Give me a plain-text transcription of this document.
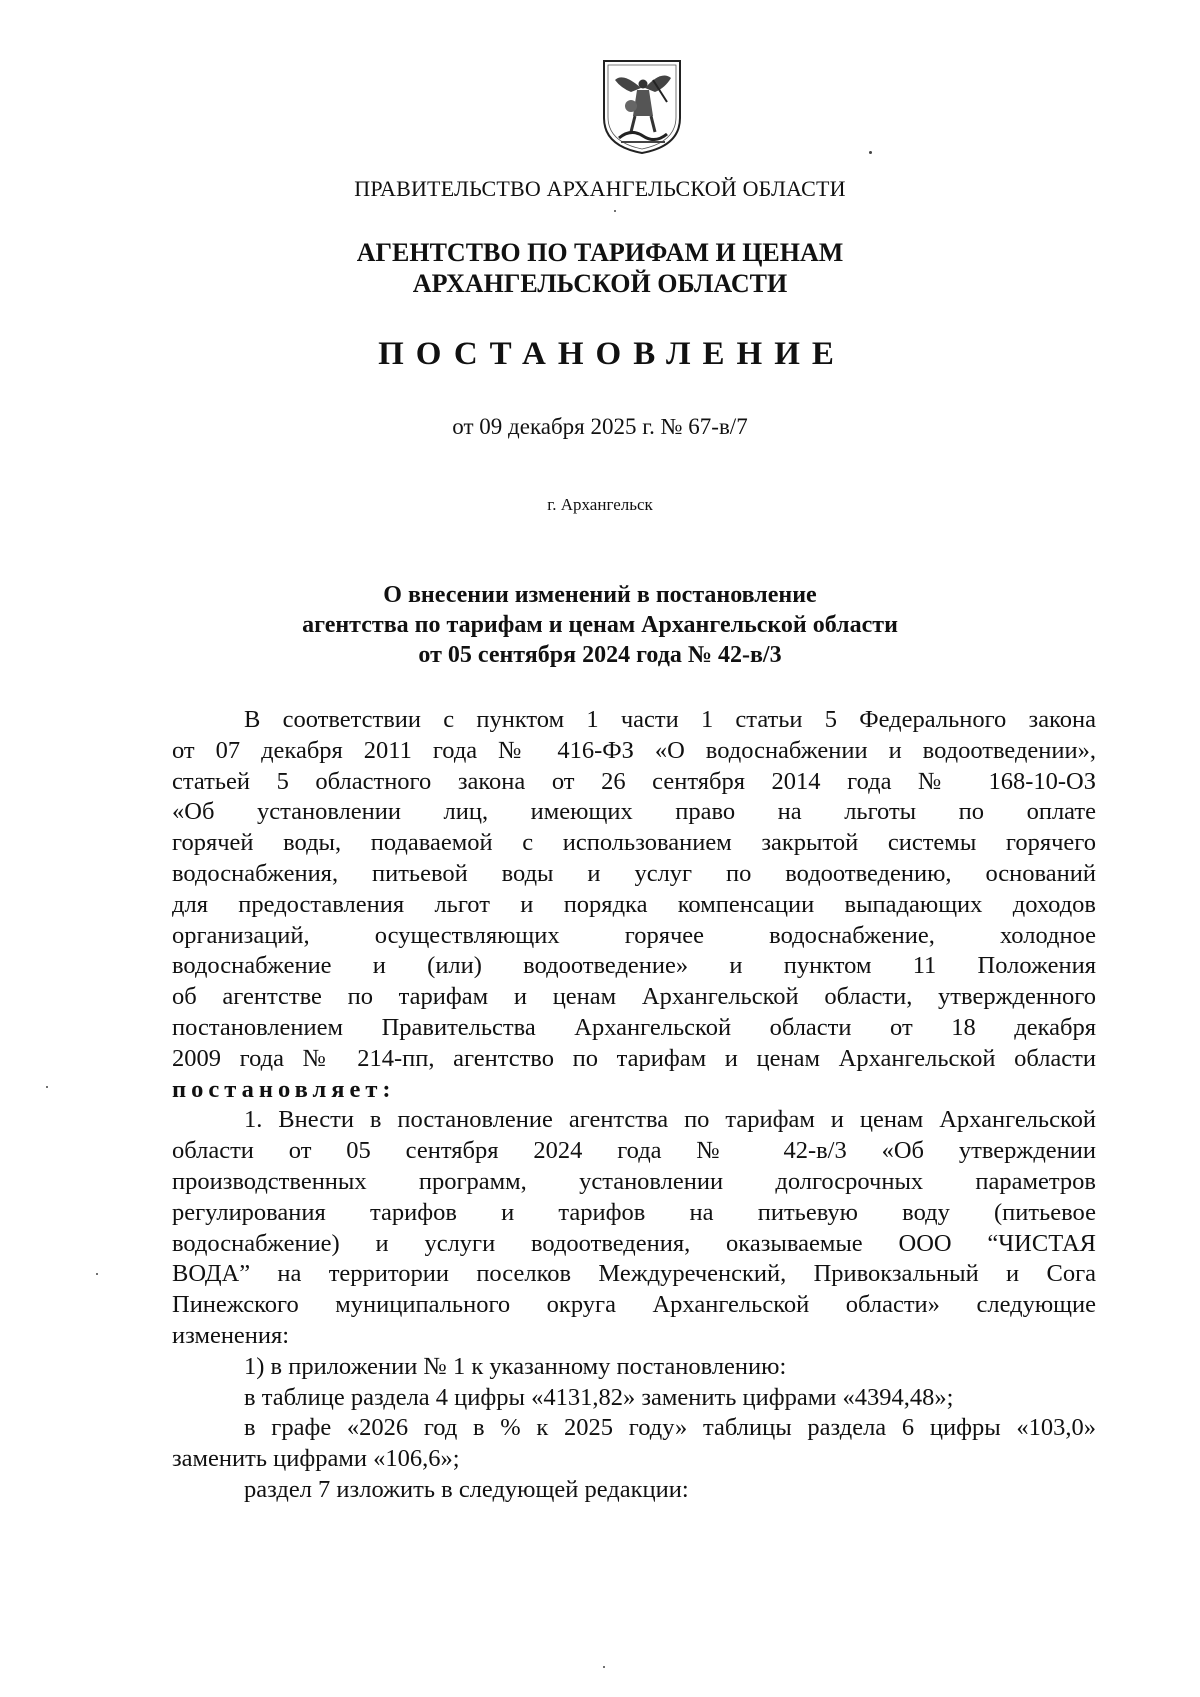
ПРАВИТЕЛЬСТВО АРХАНГЕЛЬСКОЙ ОБЛАСТИ
АГЕНТСТВО ПО ТАРИФАМ И ЦЕНАМ
АРХАНГЕЛЬСКОЙ ОБЛАСТИ
ПОСТАНОВЛЕНИЕ
от 09 декабря 2025 г. № 67-в/7
г. Архангельск
О внесении изменений в постановление
агентства по тарифам и ценам Архангельской области
от 05 сентября 2024 года № 42-в/3

В соответствии с пунктом 1 части 1 статьи 5 Федерального закона
от 07 декабря 2011 года № 416-ФЗ «О водоснабжении и водоотведении»,
статьей 5 областного закона от 26 сентября 2014 года № 168-10-ОЗ
«Об установлении лиц, имеющих право на льготы по оплате
горячей воды, подаваемой с использованием закрытой системы горячего
водоснабжения, питьевой воды и услуг по водоотведению, оснований
для предоставления льгот и порядка компенсации выпадающих доходов
организаций, осуществляющих горячее водоснабжение, холодное
водоснабжение и (или) водоотведение» и пунктом 11 Положения
об агентстве по тарифам и ценам Архангельской области, утвержденного
постановлением Правительства Архангельской области от 18 декабря
2009 года № 214-пп, агентство по тарифам и ценам Архангельской области
постановляет:

1. Внести в постановление агентства по тарифам и ценам Архангельской
области от 05 сентября 2024 года № 42-в/3 «Об утверждении
производственных программ, установлении долгосрочных параметров
регулирования тарифов и тарифов на питьевую воду (питьевое
водоснабжение) и услуги водоотведения, оказываемые ООО “ЧИСТАЯ
ВОДА” на территории поселков Междуреченский, Привокзальный и Сога
Пинежского муниципального округа Архангельской области» следующие
изменения:

1) в приложении № 1 к указанному постановлению:

в таблице раздела 4 цифры «4131,82» заменить цифрами «4394,48»;

в графе «2026 год в % к 2025 году» таблицы раздела 6 цифры «103,0»
заменить цифрами «106,6»;

раздел 7 изложить в следующей редакции:
